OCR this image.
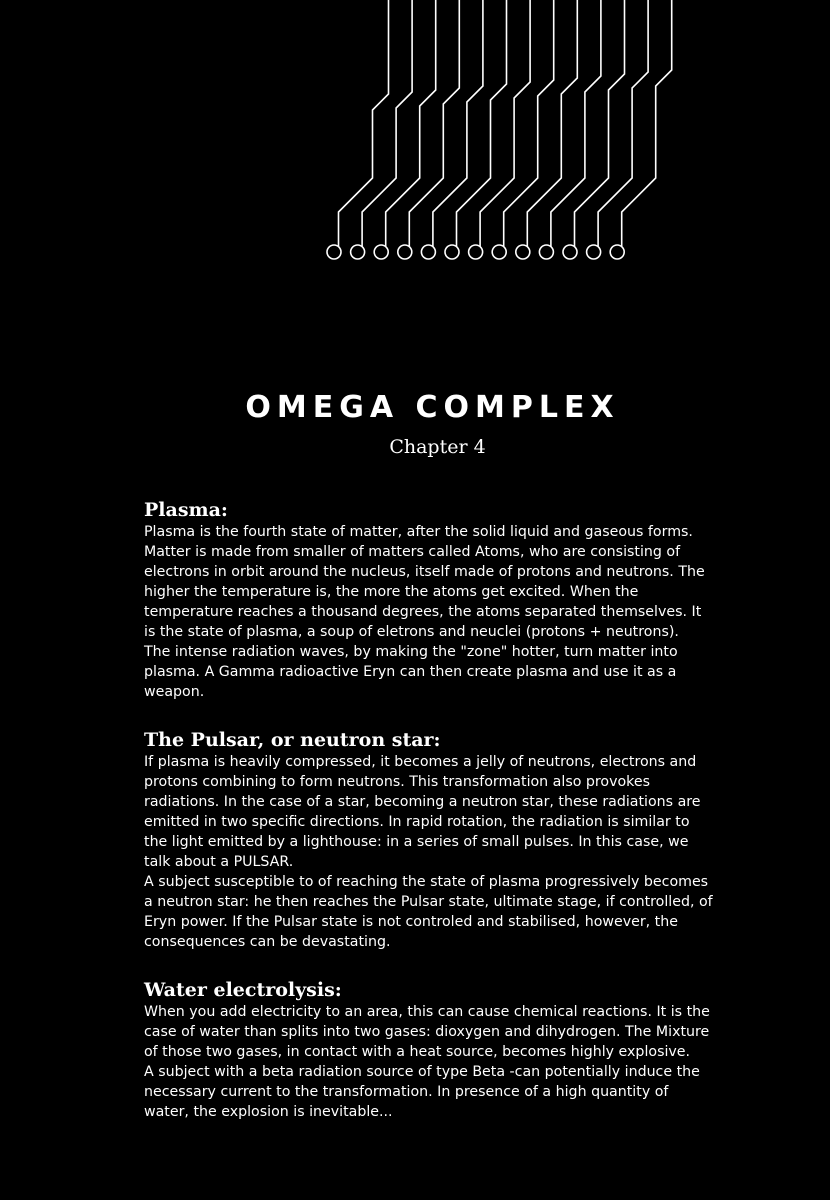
OMEGA COMPLEX
Chapter 4
Plasma:

Plasma is the fourth state of matter, after the solid liquid and gaseous forms.
Matter is made from smaller of matters called Atoms, who are consisting of
electrons in orbit around the nucleus, itself made of protons and neutrons. The
higher the temperature is, the more the atoms get excited. When the
temperature reaches a thousand degrees, the atoms separated themselves. It
is the state of plasma, a soup of eletrons and neuclei (protons + neutrons).
The intense radiation waves, by making the "zone" hotter, turn matter into
plasma. A Gamma radioactive Eryn can then create plasma and use it as a
weapon.

The Pulsar, or neutron star:

If plasma is heavily compressed, it becomes a jelly of neutrons, electrons and
protons combining to form neutrons. This transformation also provokes
radiations. In the case of a star, becoming a neutron star, these radiations are
emitted in two specific directions. In rapid rotation, the radiation is similar to
the light emitted by a lighthouse: in a series of small pulses. In this case, we
talk about a PULSAR.
A subject susceptible to of reaching the state of plasma progressively becomes
a neutron star: he then reaches the Pulsar state, ultimate stage, if controlled, of
Eryn power. If the Pulsar state is not controled and stabilised, however, the
consequences can be devastating.

Water electrolysis:

When you add electricity to an area, this can cause chemical reactions. It is the
case of water than splits into two gases: dioxygen and dihydrogen. The Mixture
of those two gases, in contact with a heat source, becomes highly explosive.
A subject with a beta radiation source of type Beta -can potentially induce the
necessary current to the transformation. In presence of a high quantity of
water, the explosion is inevitable...
